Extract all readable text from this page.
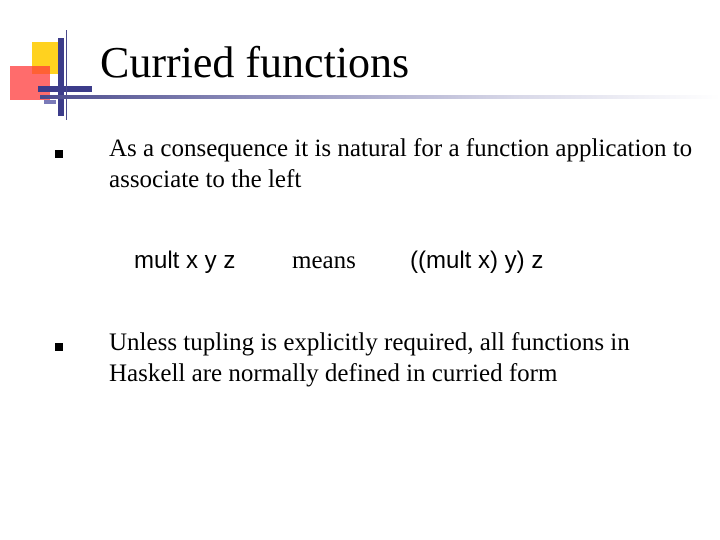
Curried functions
As a consequence it is natural for a function application to associate to the left
mult x y z means ((mult x) y) z
Unless tupling is explicitly required, all functions in Haskell are normally defined in curried form
